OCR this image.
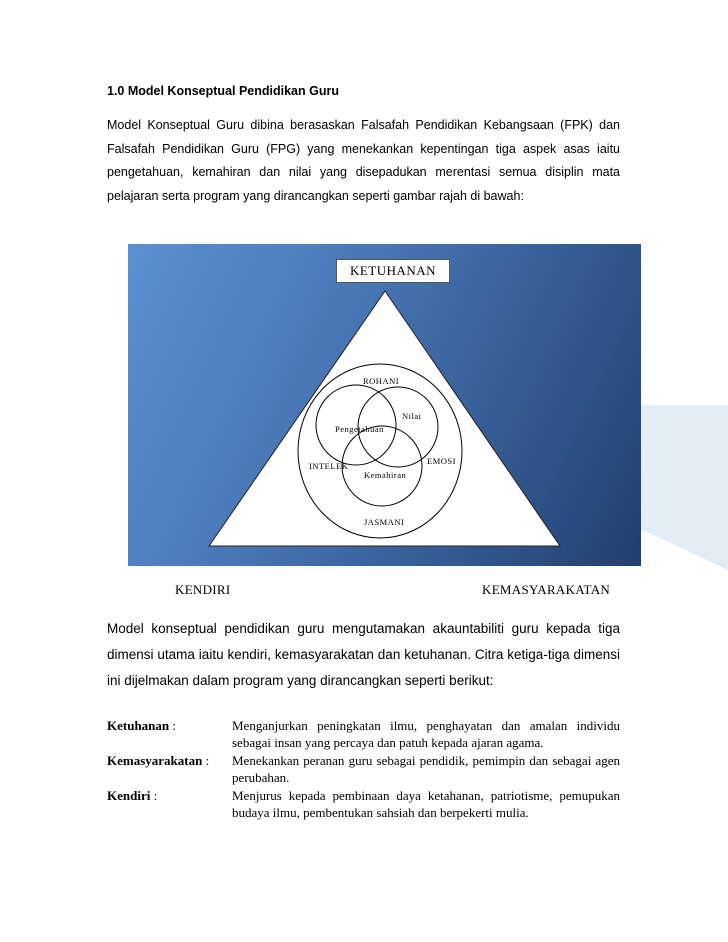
1.0 Model Konseptual Pendidikan Guru
Model Konseptual Guru dibina berasaskan Falsafah Pendidikan Kebangsaan (FPK) dan Falsafah Pendidikan Guru (FPG) yang menekankan kepentingan tiga aspek asas iaitu pengetahuan, kemahiran dan nilai yang disepadukan merentasi semua disiplin mata pelajaran serta program yang dirancangkan seperti gambar rajah di bawah:
KETUHANAN
ROHANI
Nilai
Pengetahuan
INTELEK	EMOSI
Kemahiran
JASMANI
KENDIRI	KEMASYARAKATAN
Model konseptual pendidikan guru mengutamakan akauntabiliti guru kepada tiga dimensi utama iaitu kendiri, kemasyarakatan dan ketuhanan. Citra ketiga-tiga dimensi ini dijelmakan dalam program yang dirancangkan seperti berikut:
Ketuhanan :	Menganjurkan peningkatan ilmu, penghayatan dan amalan individu sebagai insan yang percaya dan patuh kepada ajaran agama.
Kemasyarakatan :	Menekankan peranan guru sebagai pendidik, pemimpin dan sebagai agen perubahan.
Kendiri :	Menjurus kepada pembinaan daya ketahanan, patriotisme, pemupukan budaya ilmu, pembentukan sahsiah dan berpekerti mulia.
